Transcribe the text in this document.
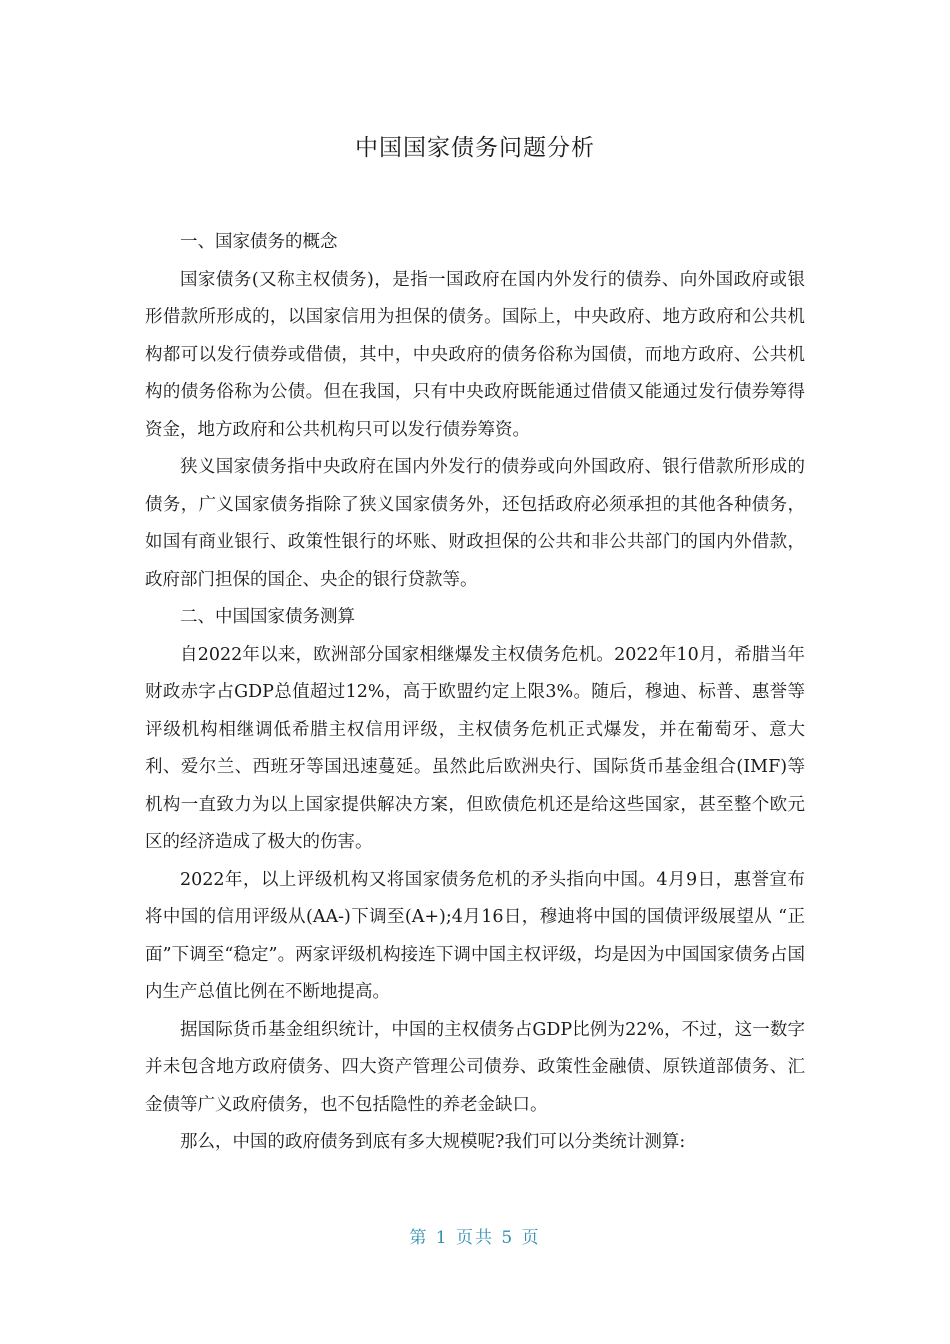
中国国家债务问题分析

一、国家债务的概念

国家债务(又称主权债务)，是指一国政府在国内外发行的债券、向外国政府或银形借款所形成的，以国家信用为担保的债务。国际上，中央政府、地方政府和公共机构都可以发行债券或借债，其中，中央政府的债务俗称为国债，而地方政府、公共机构的债务俗称为公债。但在我国，只有中央政府既能通过借债又能通过发行债券筹得资金，地方政府和公共机构只可以发行债券筹资。

狭义国家债务指中央政府在国内外发行的债券或向外国政府、银行借款所形成的债务，广义国家债务指除了狭义国家债务外，还包括政府必须承担的其他各种债务，如国有商业银行、政策性银行的坏账、财政担保的公共和非公共部门的国内外借款，政府部门担保的国企、央企的银行贷款等。

二、中国国家债务测算

自2022年以来，欧洲部分国家相继爆发主权债务危机。2022年10月，希腊当年财政赤字占GDP总值超过12%，高于欧盟约定上限3%。随后，穆迪、标普、惠誉等评级机构相继调低希腊主权信用评级，主权债务危机正式爆发，并在葡萄牙、意大利、爱尔兰、西班牙等国迅速蔓延。虽然此后欧洲央行、国际货币基金组合(IMF)等机构一直致力为以上国家提供解决方案，但欧债危机还是给这些国家，甚至整个欧元区的经济造成了极大的伤害。

2022年，以上评级机构又将国家债务危机的矛头指向中国。4月9日，惠誉宣布将中国的信用评级从(AA-)下调至(A+);4月16日，穆迪将中国的国债评级展望从 “正面”下调至“稳定”。两家评级机构接连下调中国主权评级，均是因为中国国家债务占国内生产总值比例在不断地提高。

据国际货币基金组织统计，中国的主权债务占GDP比例为22%，不过，这一数字并未包含地方政府债务、四大资产管理公司债券、政策性金融债、原铁道部债务、汇金债等广义政府债务，也不包括隐性的养老金缺口。

那么，中国的政府债务到底有多大规模呢?我们可以分类统计测算:

第 1 页共 5 页
